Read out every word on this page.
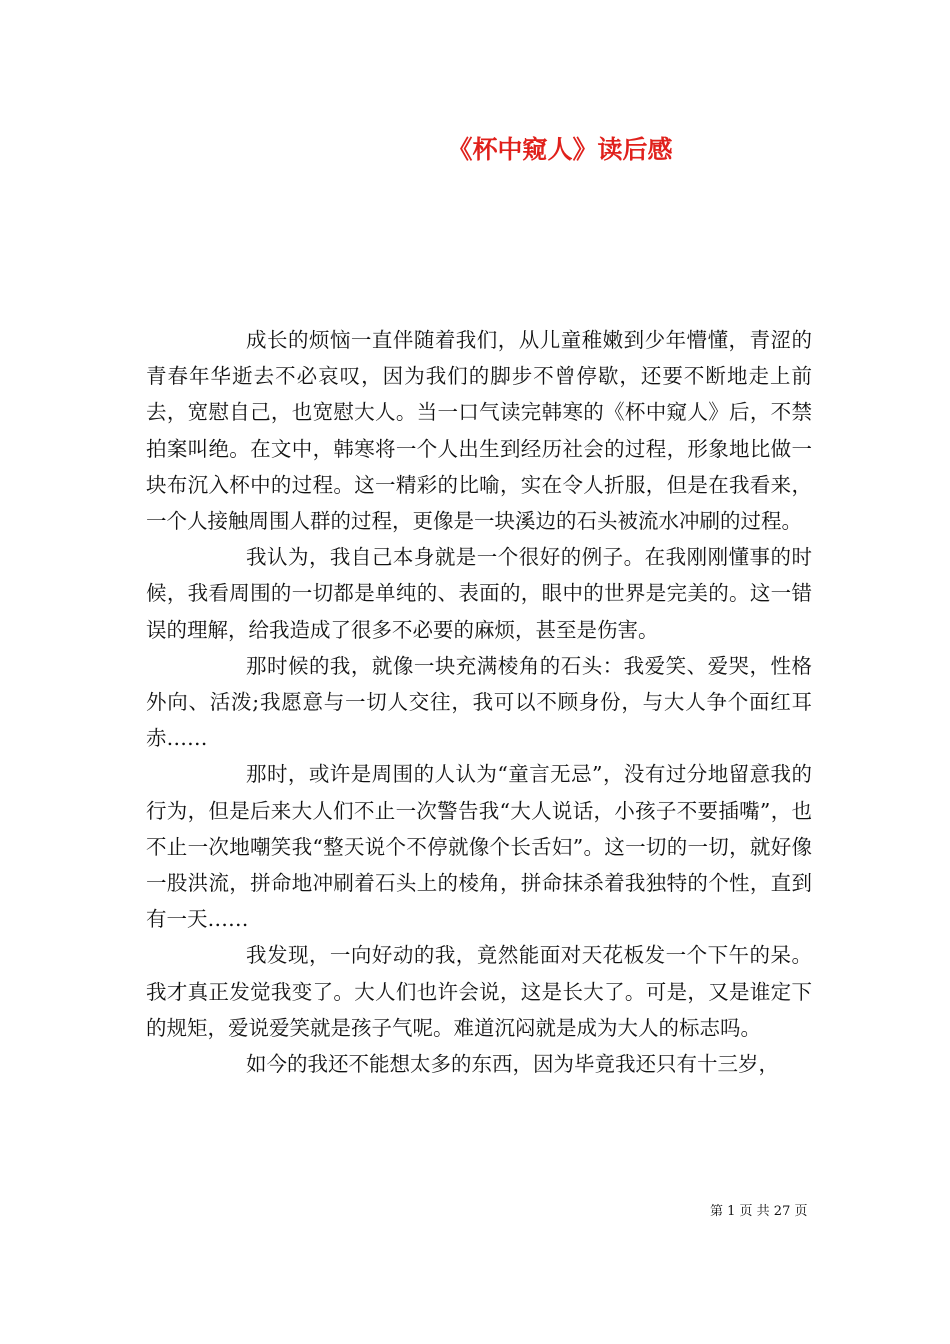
《杯中窥人》读后感

成长的烦恼一直伴随着我们，从儿童稚嫩到少年懵懂，青涩的青春年华逝去不必哀叹，因为我们的脚步不曾停歇，还要不断地走上前去，宽慰自己，也宽慰大人。当一口气读完韩寒的《杯中窥人》后，不禁拍案叫绝。在文中，韩寒将一个人出生到经历社会的过程，形象地比做一块布沉入杯中的过程。这一精彩的比喻，实在令人折服，但是在我看来，一个人接触周围人群的过程，更像是一块溪边的石头被流水冲刷的过程。

我认为，我自己本身就是一个很好的例子。在我刚刚懂事的时候，我看周围的一切都是单纯的、表面的，眼中的世界是完美的。这一错误的理解，给我造成了很多不必要的麻烦，甚至是伤害。

那时候的我，就像一块充满棱角的石头：我爱笑、爱哭，性格外向、活泼;我愿意与一切人交往，我可以不顾身份，与大人争个面红耳赤……

那时，或许是周围的人认为“童言无忌”，没有过分地留意我的行为，但是后来大人们不止一次警告我“大人说话，小孩子不要插嘴”，也不止一次地嘲笑我“整天说个不停就像个长舌妇”。这一切的一切，就好像一股洪流，拼命地冲刷着石头上的棱角，拼命抹杀着我独特的个性，直到有一天……

我发现，一向好动的我，竟然能面对天花板发一个下午的呆。我才真正发觉我变了。大人们也许会说，这是长大了。可是，又是谁定下的规矩，爱说爱笑就是孩子气呢。难道沉闷就是成为大人的标志吗。

如今的我还不能想太多的东西，因为毕竟我还只有十三岁，

第 1 页 共 27 页
